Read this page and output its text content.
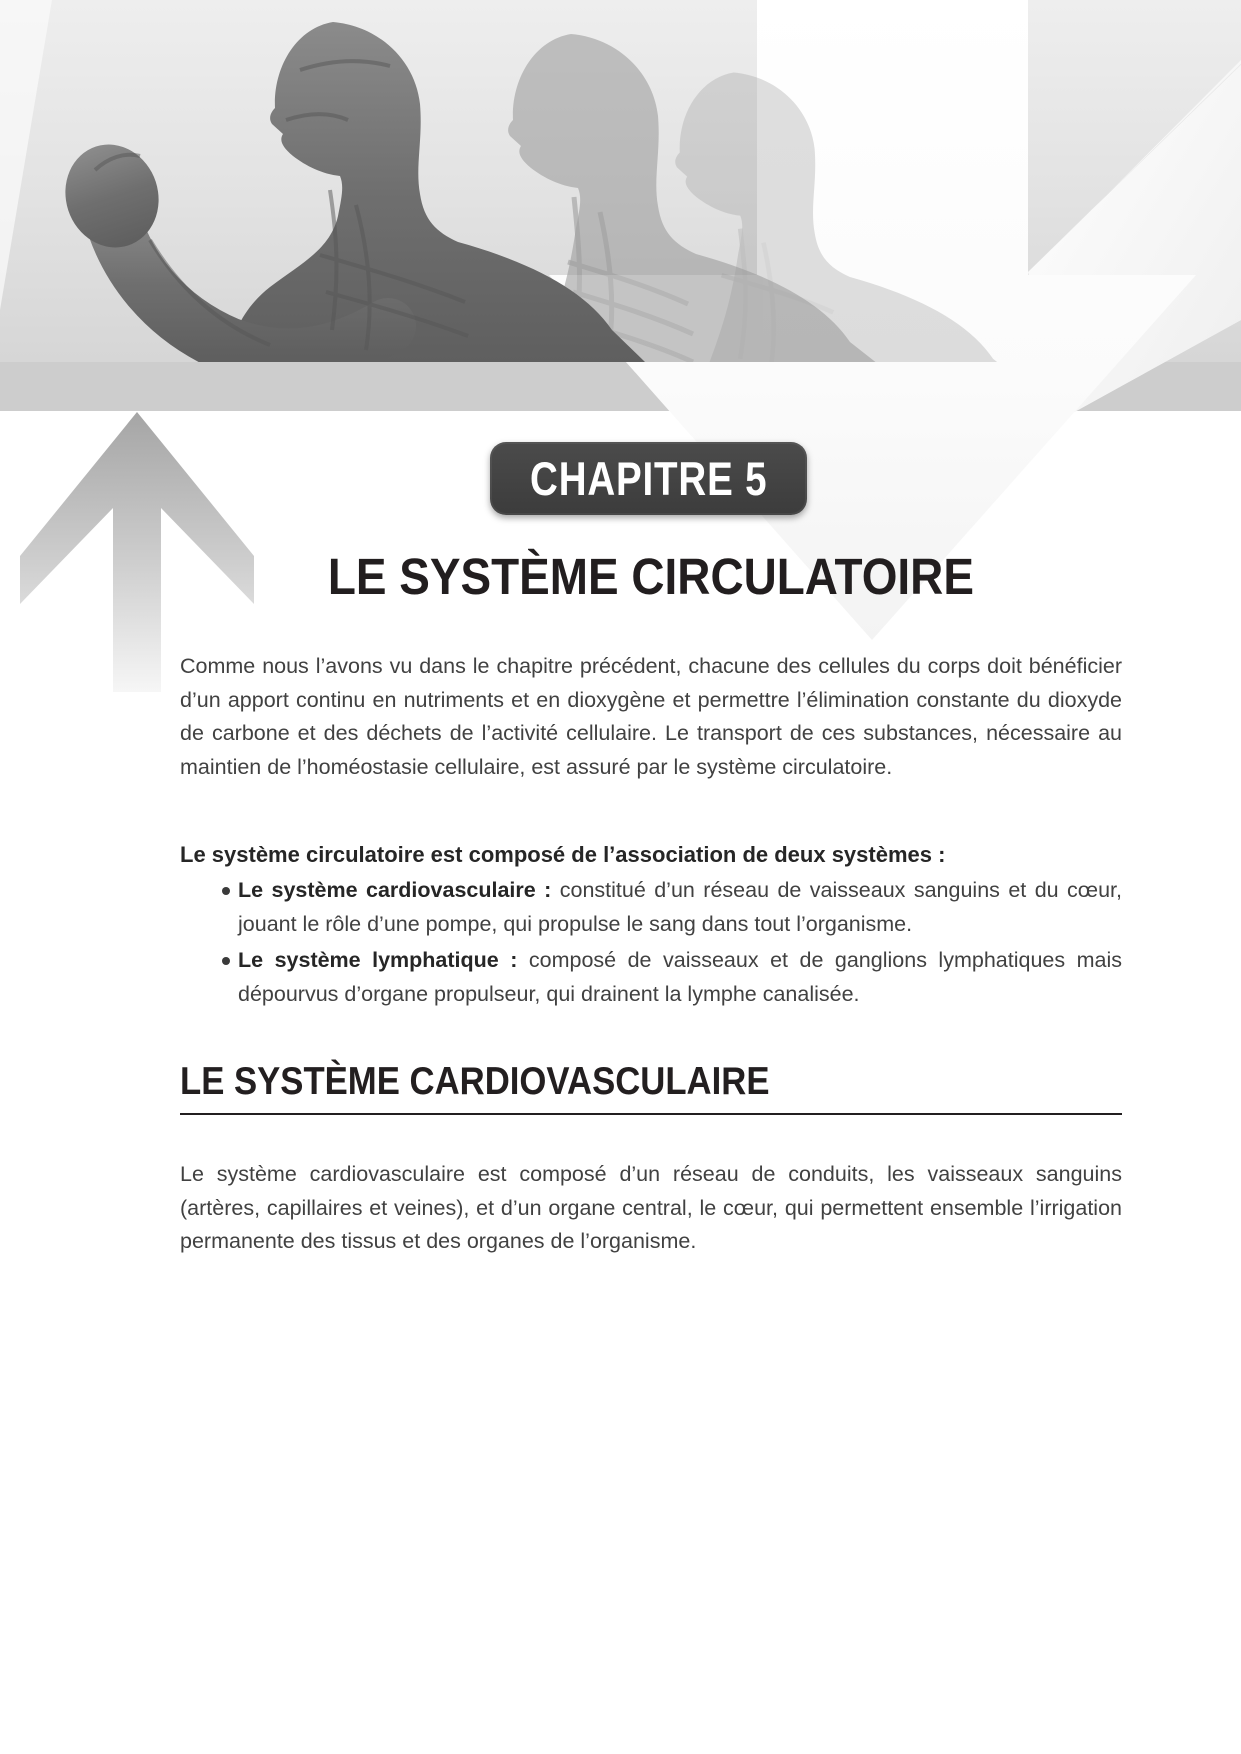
CHAPITRE 5
LE SYSTÈME CIRCULATOIRE

Comme nous l’avons vu dans le chapitre précédent, chacune des cellules du corps doit bénéficier d’un apport continu en nutriments et en dioxygène et permettre l’élimination constante du dioxyde de carbone et des déchets de l’activité cellulaire. Le transport de ces substances, nécessaire au maintien de l’homéostasie cellulaire, est assuré par le système circulatoire.

Le système circulatoire est composé de l’association de deux systèmes :

Le système cardiovasculaire : constitué d’un réseau de vaisseaux sanguins et du cœur, jouant le rôle d’une pompe, qui propulse le sang dans tout l’organisme.
Le système lymphatique : composé de vaisseaux et de ganglions lymphatiques mais dépourvus d’organe propulseur, qui drainent la lymphe canalisée.
LE SYSTÈME CARDIOVASCULAIRE

Le système cardiovasculaire est composé d’un réseau de conduits, les vaisseaux sanguins (artères, capillaires et veines), et d’un organe central, le cœur, qui permettent ensemble l’irrigation permanente des tissus et des organes de l’organisme.
